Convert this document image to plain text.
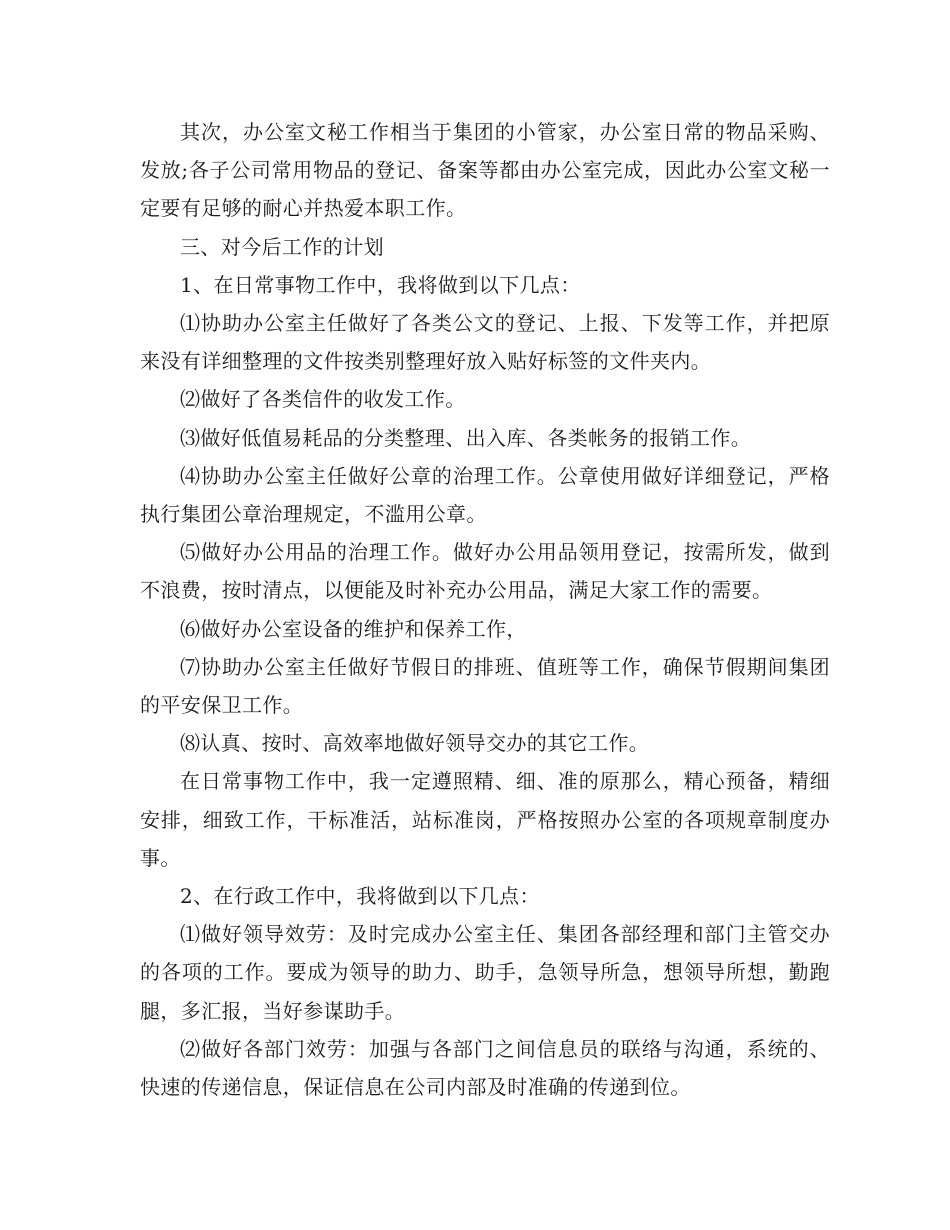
其次，办公室文秘工作相当于集团的小管家，办公室日常的物品采购、发放;各子公司常用物品的登记、备案等都由办公室完成，因此办公室文秘一定要有足够的耐心并热爱本职工作。

三、对今后工作的计划

1、在日常事物工作中，我将做到以下几点：

⑴协助办公室主任做好了各类公文的登记、上报、下发等工作，并把原来没有详细整理的文件按类别整理好放入贴好标签的文件夹内。

⑵做好了各类信件的收发工作。

⑶做好低值易耗品的分类整理、出入库、各类帐务的报销工作。

⑷协助办公室主任做好公章的治理工作。公章使用做好详细登记，严格执行集团公章治理规定，不滥用公章。

⑸做好办公用品的治理工作。做好办公用品领用登记，按需所发，做到不浪费，按时清点，以便能及时补充办公用品，满足大家工作的需要。

⑹做好办公室设备的维护和保养工作，

⑺协助办公室主任做好节假日的排班、值班等工作，确保节假期间集团的平安保卫工作。

⑻认真、按时、高效率地做好领导交办的其它工作。

在日常事物工作中，我一定遵照精、细、准的原那么，精心预备，精细安排，细致工作，干标准活，站标准岗，严格按照办公室的各项规章制度办事。

2、在行政工作中，我将做到以下几点：

⑴做好领导效劳：及时完成办公室主任、集团各部经理和部门主管交办的各项的工作。要成为领导的助力、助手，急领导所急，想领导所想，勤跑腿，多汇报，当好参谋助手。

⑵做好各部门效劳：加强与各部门之间信息员的联络与沟通，系统的、快速的传递信息，保证信息在公司内部及时准确的传递到位。
